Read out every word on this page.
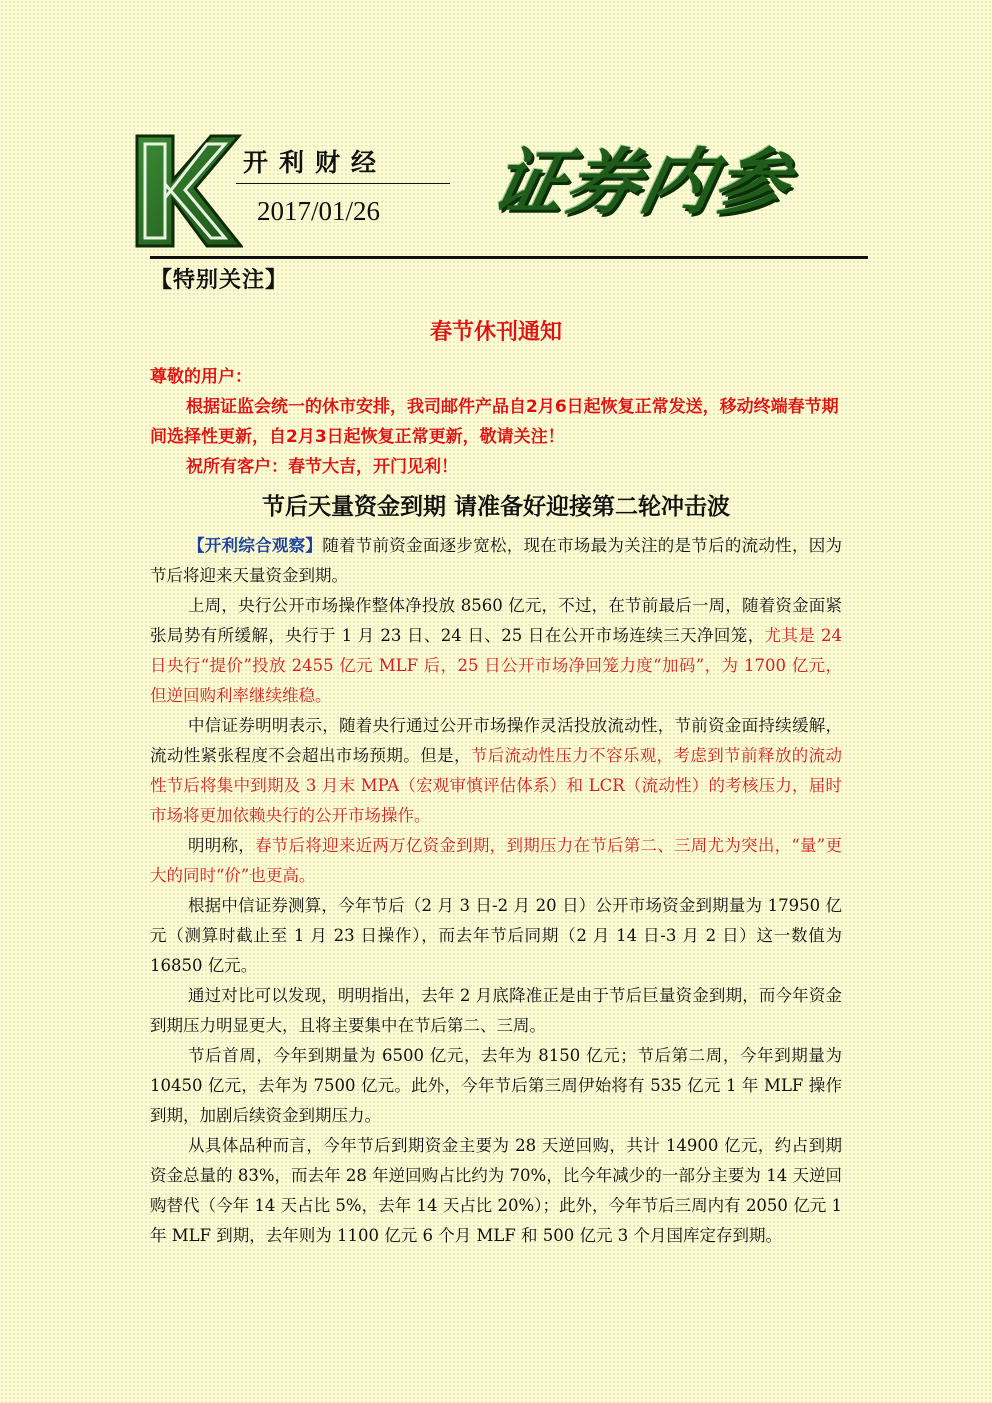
开利财经
2017/01/26 证券内参
【特别关注】
春节休刊通知

尊敬的用户：

根据证监会统一的休市安排，我司邮件产品自2月6日起恢复正常发送，移动终端春节期间选择性更新，自2月3日起恢复正常更新，敬请关注！

祝所有客户：春节大吉，开门见利！

节后天量资金到期 请准备好迎接第二轮冲击波

【开利综合观察】随着节前资金面逐步宽松，现在市场最为关注的是节后的流动性，因为节后将迎来天量资金到期。

上周，央行公开市场操作整体净投放 8560 亿元，不过，在节前最后一周，随着资金面紧张局势有所缓解，央行于 1 月 23 日、24 日、25 日在公开市场连续三天净回笼，尤其是 24 日央行“提价”投放 2455 亿元 MLF 后，25 日公开市场净回笼力度“加码”，为 1700 亿元，但逆回购利率继续维稳。

中信证券明明表示，随着央行通过公开市场操作灵活投放流动性，节前资金面持续缓解，流动性紧张程度不会超出市场预期。但是，节后流动性压力不容乐观，考虑到节前释放的流动性节后将集中到期及 3 月末 MPA（宏观审慎评估体系）和 LCR（流动性）的考核压力，届时市场将更加依赖央行的公开市场操作。

明明称，春节后将迎来近两万亿资金到期，到期压力在节后第二、三周尤为突出，“量”更大的同时“价”也更高。

根据中信证券测算，今年节后（2 月 3 日-2 月 20 日）公开市场资金到期量为 17950 亿元（测算时截止至 1 月 23 日操作），而去年节后同期（2 月 14 日-3 月 2 日）这一数值为 16850 亿元。

通过对比可以发现，明明指出，去年 2 月底降准正是由于节后巨量资金到期，而今年资金到期压力明显更大，且将主要集中在节后第二、三周。

节后首周，今年到期量为 6500 亿元，去年为 8150 亿元；节后第二周，今年到期量为 10450 亿元，去年为 7500 亿元。此外，今年节后第三周伊始将有 535 亿元 1 年 MLF 操作到期，加剧后续资金到期压力。

从具体品种而言，今年节后到期资金主要为 28 天逆回购，共计 14900 亿元，约占到期资金总量的 83%，而去年 28 年逆回购占比约为 70%，比今年减少的一部分主要为 14 天逆回购替代（今年 14 天占比 5%，去年 14 天占比 20%）；此外，今年节后三周内有 2050 亿元 1 年 MLF 到期，去年则为 1100 亿元 6 个月 MLF 和 500 亿元 3 个月国库定存到期。
